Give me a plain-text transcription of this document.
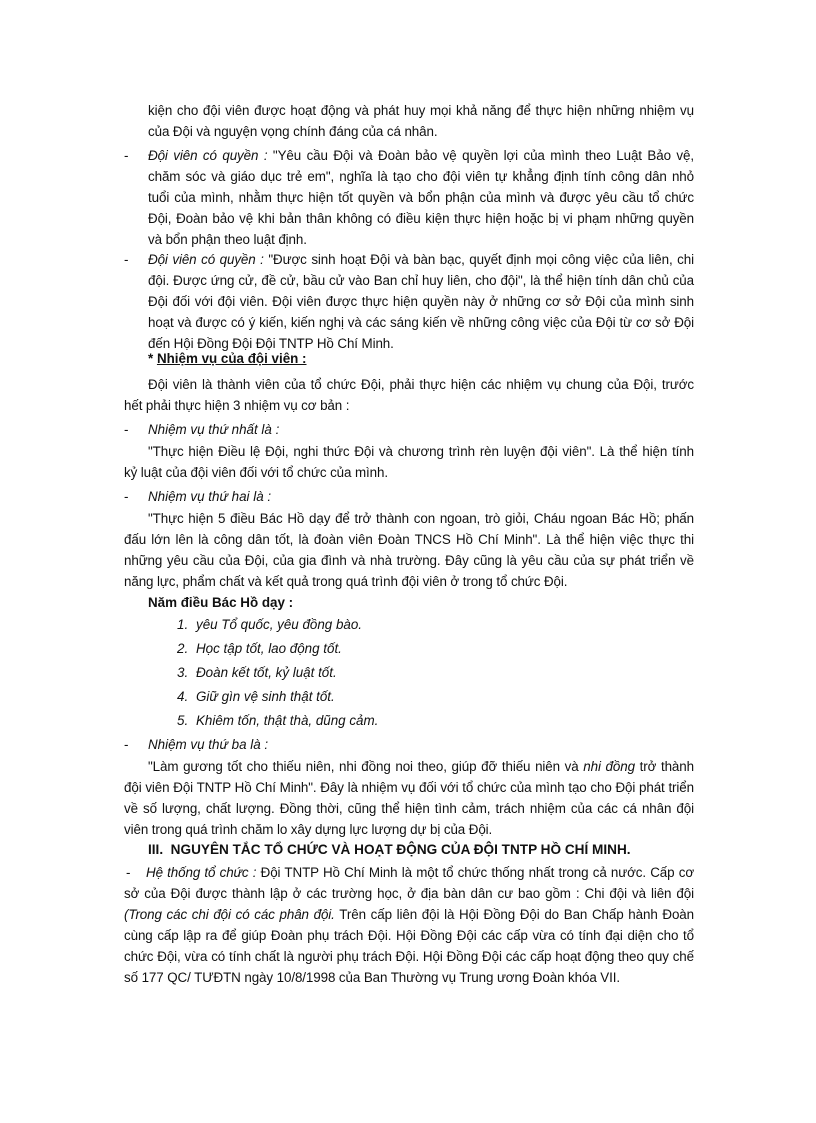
kiện cho đội viên được hoạt động và phát huy mọi khả năng để thực hiện những nhiệm vụ
của Đội và nguyện vọng chính đáng của cá nhân.
- Đội viên có quyền : "Yêu cầu Đội và Đoàn bảo vệ quyền lợi của mình theo Luật Bảo vệ,
chăm sóc và giáo dục trẻ em", nghĩa là tạo cho đội viên tự khẳng định tính công dân nhỏ
tuổi của mình, nhằm thực hiện tốt quyền và bổn phận của mình và được yêu cầu tổ chức
Đội, Đoàn bảo vệ khi bản thân không có điều kiện thực hiện hoặc bị vi phạm những quyền
và bổn phận theo luật định.
- Đội viên có quyền : "Được sinh hoạt Đội và bàn bạc, quyết định mọi công việc của liên, chi
đội. Được ứng cử, đề cử, bầu cử vào Ban chỉ huy liên, cho đội", là thể hiện tính dân chủ của
Đội đối với đội viên. Đội viên được thực hiện quyền này ở những cơ sở Đội của mình sinh
hoạt và được có ý kiến, kiến nghị và các sáng kiến về những công việc của Đội từ cơ sở Đội
đến Hội Đồng Đội Đội TNTP Hồ Chí Minh.
* Nhiệm vụ của đội viên :
Đội viên là thành viên của tổ chức Đội, phải thực hiện các nhiệm vụ chung của Đội, trước
hết phải thực hiện 3 nhiệm vụ cơ bản :
- Nhiệm vụ thứ nhất là :
"Thực hiện Điều lệ Đội, nghi thức Đội và chương trình rèn luyện đội viên". Là thể hiện tính
kỷ luật của đội viên đối với tổ chức của mình.
- Nhiệm vụ thứ hai là :
"Thực hiện 5 điều Bác Hồ dạy để trở thành con ngoan, trò giỏi, Cháu ngoan Bác Hồ; phấn
đấu lớn lên là công dân tốt, là đoàn viên Đoàn TNCS Hồ Chí Minh". Là thể hiện việc thực thi
những yêu cầu của Đội, của gia đình và nhà trường. Đây cũng là yêu cầu của sự phát triển về
năng lực, phẩm chất và kết quả trong quá trình đội viên ở trong tổ chức Đội.
Năm điều Bác Hồ dạy :
1. yêu Tổ quốc, yêu đồng bào.
2. Học tập tốt, lao động tốt.
3. Đoàn kết tốt, kỷ luật tốt.
4. Giữ gìn vệ sinh thật tốt.
5. Khiêm tốn, thật thà, dũng cảm.
- Nhiệm vụ thứ ba là :
"Làm gương tốt cho thiếu niên, nhi đồng noi theo, giúp đỡ thiếu niên và nhi đồng trở thành
đội viên Đội TNTP Hồ Chí Minh". Đây là nhiệm vụ đối với tổ chức của mình tạo cho Đội phát triển
về số lượng, chất lượng. Đồng thời, cũng thể hiện tình cảm, trách nhiệm của các cá nhân đội
viên trong quá trình chăm lo xây dựng lực lượng dự bị của Đội.
III. NGUYÊN TẮC TỔ CHỨC VÀ HOẠT ĐỘNG CỦA ĐỘI TNTP HỒ CHÍ MINH.
- Hệ thống tổ chức : Đội TNTP Hồ Chí Minh là một tổ chức thống nhất trong cả nước. Cấp cơ
sở của Đội được thành lập ở các trường học, ở địa bàn dân cư bao gồm : Chi đội và liên đội
(Trong các chi đội có các phân đội. Trên cấp liên đội là Hội Đồng Đội do Ban Chấp hành Đoàn
cùng cấp lập ra để giúp Đoàn phụ trách Đội. Hội Đồng Đội các cấp vừa có tính đại diện cho tổ
chức Đội, vừa có tính chất là người phụ trách Đội. Hội Đồng Đội các cấp hoạt động theo quy chế
số 177 QC/ TƯĐTN ngày 10/8/1998 của Ban Thường vụ Trung ương Đoàn khóa VII.
